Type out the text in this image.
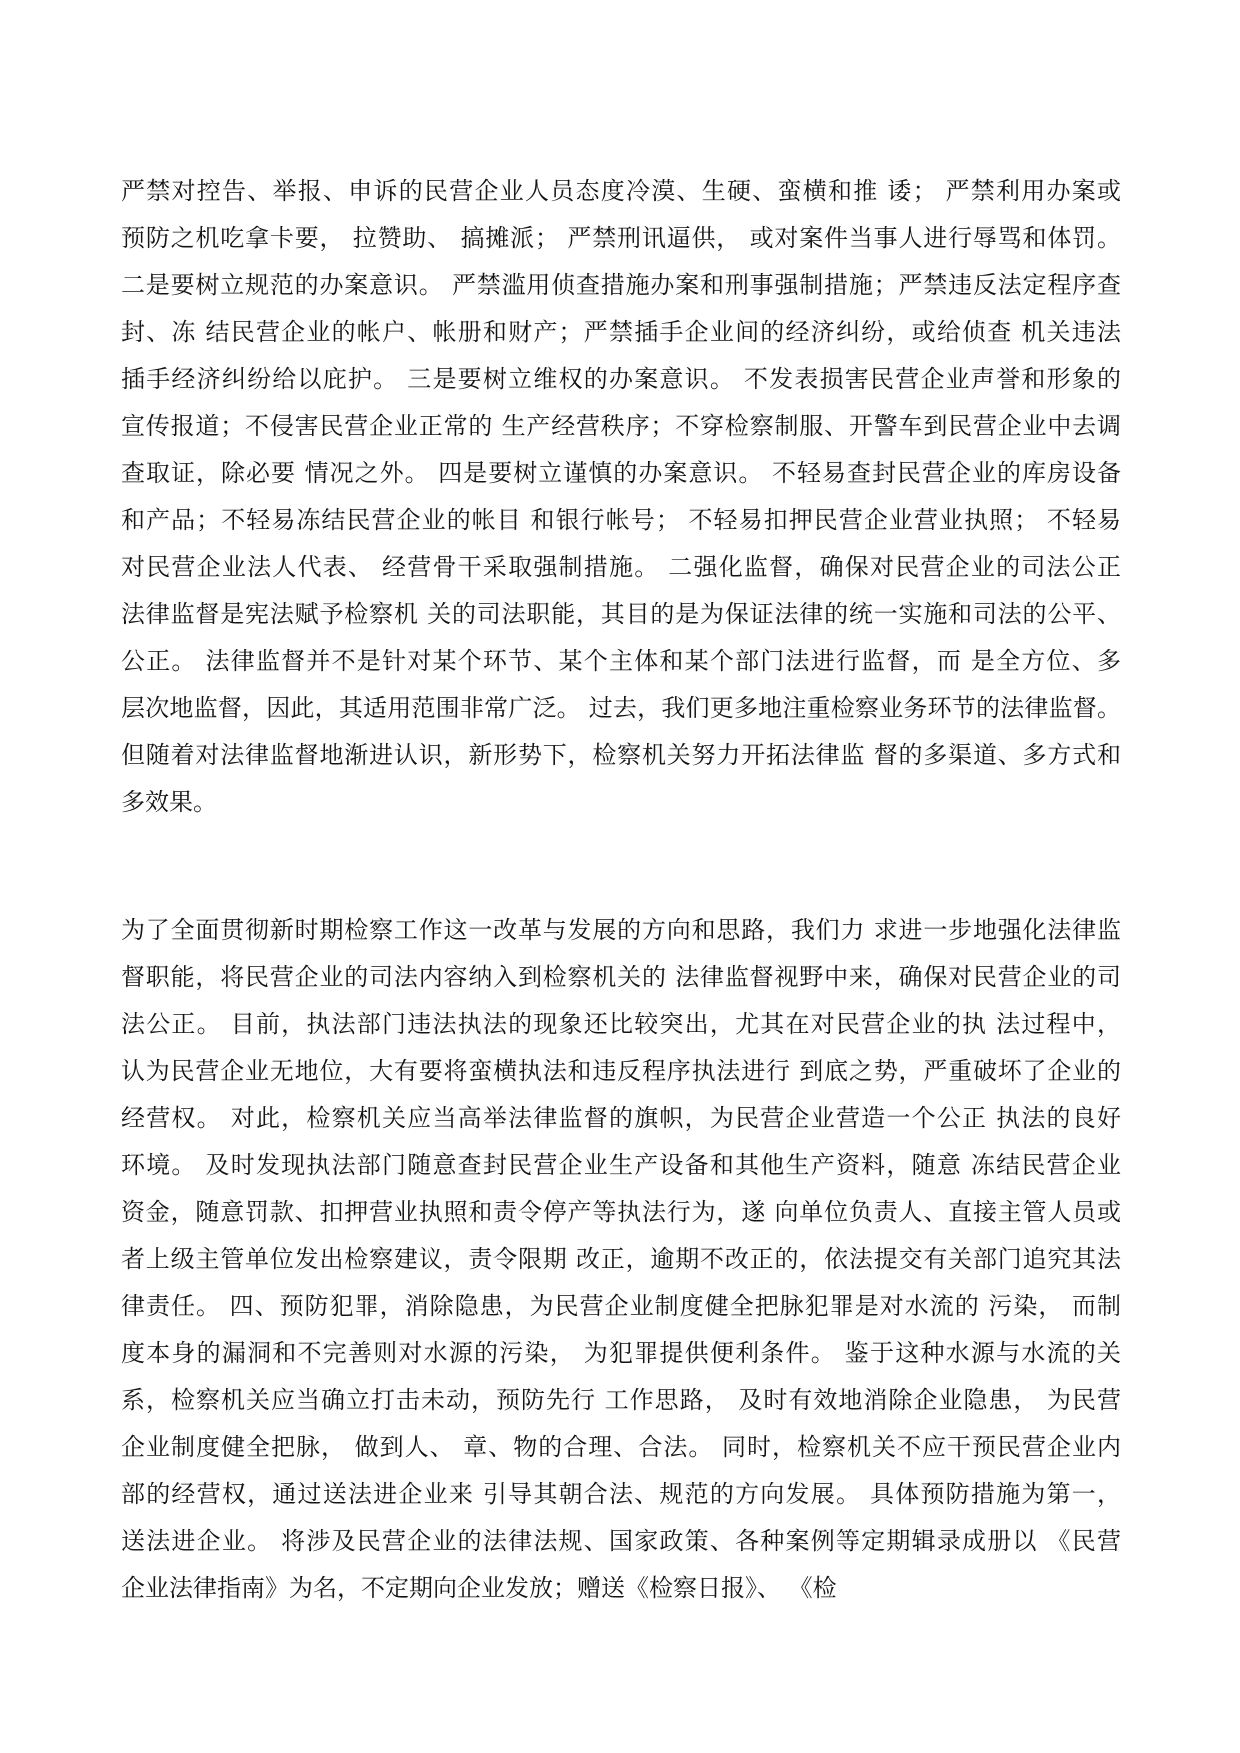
严禁对控告、举报、申诉的民营企业人员态度冷漠、生硬、蛮横和推 诿； 严禁利用办案或
预防之机吃拿卡要， 拉赞助、 搞摊派； 严禁刑讯逼供， 或对案件当事人进行辱骂和体罚。
二是要树立规范的办案意识。 严禁滥用侦查措施办案和刑事强制措施；严禁违反法定程序查
封、冻 结民营企业的帐户、帐册和财产；严禁插手企业间的经济纠纷，或给侦查 机关违法
插手经济纠纷给以庇护。 三是要树立维权的办案意识。 不发表损害民营企业声誉和形象的
宣传报道；不侵害民营企业正常的 生产经营秩序；不穿检察制服、开警车到民营企业中去调
查取证，除必要 情况之外。 四是要树立谨慎的办案意识。 不轻易查封民营企业的库房设备
和产品；不轻易冻结民营企业的帐目 和银行帐号； 不轻易扣押民营企业营业执照； 不轻易
对民营企业法人代表、 经营骨干采取强制措施。 二强化监督，确保对民营企业的司法公正
法律监督是宪法赋予检察机 关的司法职能，其目的是为保证法律的统一实施和司法的公平、
公正。 法律监督并不是针对某个环节、某个主体和某个部门法进行监督，而 是全方位、多
层次地监督，因此，其适用范围非常广泛。 过去，我们更多地注重检察业务环节的法律监督。
但随着对法律监督地渐进认识，新形势下，检察机关努力开拓法律监 督的多渠道、多方式和
多效果。
为了全面贯彻新时期检察工作这一改革与发展的方向和思路，我们力 求进一步地强化法律监
督职能，将民营企业的司法内容纳入到检察机关的 法律监督视野中来，确保对民营企业的司
法公正。 目前，执法部门违法执法的现象还比较突出，尤其在对民营企业的执 法过程中，
认为民营企业无地位，大有要将蛮横执法和违反程序执法进行 到底之势，严重破坏了企业的
经营权。 对此，检察机关应当高举法律监督的旗帜，为民营企业营造一个公正 执法的良好
环境。 及时发现执法部门随意查封民营企业生产设备和其他生产资料，随意 冻结民营企业
资金，随意罚款、扣押营业执照和责令停产等执法行为，遂 向单位负责人、直接主管人员或
者上级主管单位发出检察建议，责令限期 改正，逾期不改正的，依法提交有关部门追究其法
律责任。 四、预防犯罪，消除隐患，为民营企业制度健全把脉犯罪是对水流的 污染， 而制
度本身的漏洞和不完善则对水源的污染， 为犯罪提供便利条件。 鉴于这种水源与水流的关
系，检察机关应当确立打击未动，预防先行 工作思路， 及时有效地消除企业隐患， 为民营
企业制度健全把脉， 做到人、 章、物的合理、合法。 同时，检察机关不应干预民营企业内
部的经营权，通过送法进企业来 引导其朝合法、规范的方向发展。 具体预防措施为第一，
送法进企业。 将涉及民营企业的法律法规、国家政策、各种案例等定期辑录成册以 《民营
企业法律指南》为名，不定期向企业发放；赠送《检察日报》、 《检
